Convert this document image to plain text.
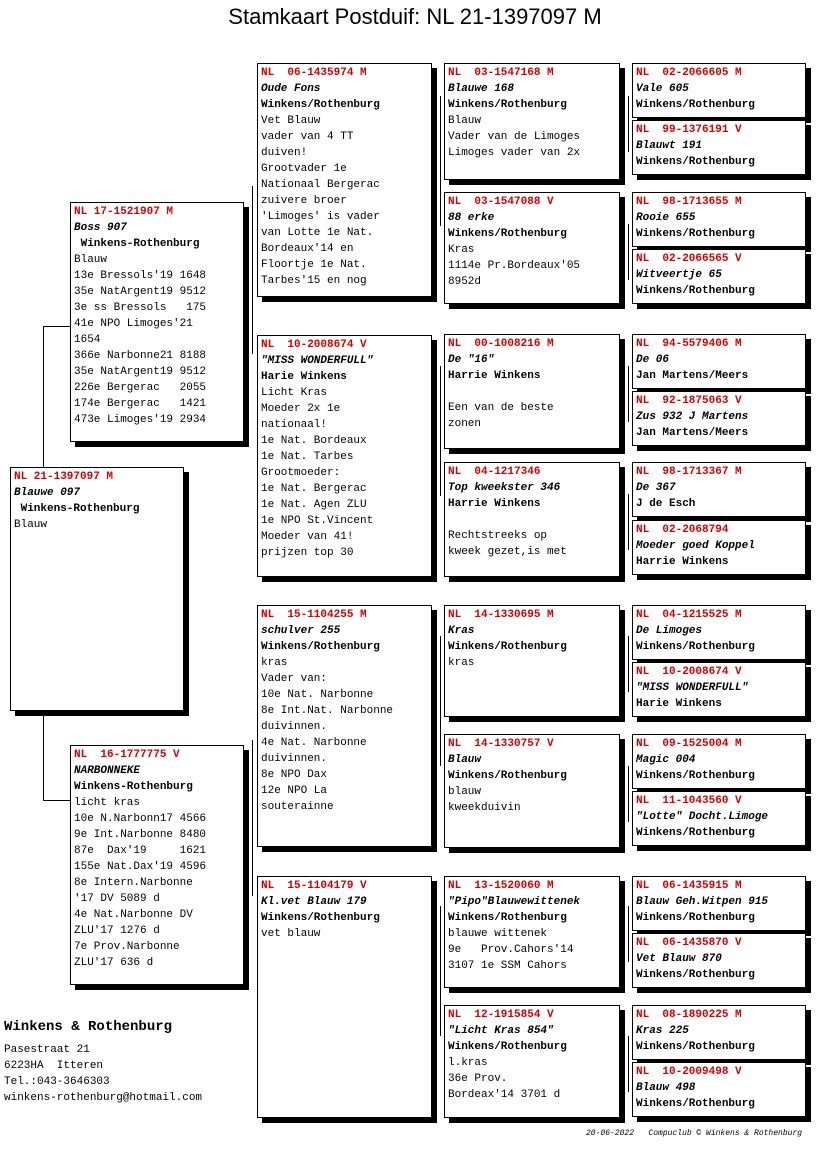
Stamkaart Postduif: NL 21-1397097 M
NL 21-1397097 M
Blauwe 097
Winkens-Rothenburg
Blauw
NL 17-1521907 M
Boss 907
Winkens-Rothenburg
Blauw
13e Bressols'19 1648
35e NatArgent19 9512
3e ss Bressols   175
41e NPO Limoges'21
1654
366e Narbonne21 8188
35e NatArgent19 9512
226e Bergerac   2055
174e Bergerac   1421
473e Limoges'19 2934
NL  16-1777775 V
NARBONNEKE
Winkens-Rothenburg
licht kras
10e N.Narbonn17 4566
9e Int.Narbonne 8480
87e  Dax'19     1621
155e Nat.Dax'19 4596
8e Intern.Narbonne
'17 DV 5089 d
4e Nat.Narbonne DV
ZLU'17 1276 d
7e Prov.Narbonne
ZLU'17 636 d
NL  06-1435974 M
Oude Fons
Winkens/Rothenburg
Vet Blauw
vader van 4 TT
duiven!
Grootvader 1e
Nationaal Bergerac
zuivere broer
'Limoges' is vader
van Lotte 1e Nat.
Bordeaux'14 en
Floortje 1e Nat.
Tarbes'15 en nog
NL  10-2008674 V
"MISS WONDERFULL"
Harie Winkens
Licht Kras
Moeder 2x 1e
nationaal!
1e Nat. Bordeaux
1e Nat. Tarbes
Grootmoeder:
1e Nat. Bergerac
1e Nat. Agen ZLU
1e NPO St.Vincent
Moeder van 41!
prijzen top 30
NL  15-1104255 M
schulver 255
Winkens/Rothenburg
kras
Vader van:
10e Nat. Narbonne
8e Int.Nat. Narbonne
duivinnen.
4e Nat. Narbonne
duivinnen.
8e NPO Dax
12e NPO La
souterainne
NL  15-1104179 V
Kl.vet Blauw 179
Winkens/Rothenburg
vet blauw
NL  03-1547168 M
Blauwe 168
Winkens/Rothenburg
Blauw
Vader van de Limoges
Limoges vader van 2x
NL  03-1547088 V
88 erke
Winkens/Rothenburg
Kras
1114e Pr.Bordeaux'05
8952d
NL  00-1008216 M
De "16"
Harrie Winkens
Een van de beste
zonen
NL  04-1217346
Top kweekster 346
Harrie Winkens
Rechtstreeks op
kweek gezet,is met
NL  14-1330695 M
Kras
Winkens/Rothenburg
kras
NL  14-1330757 V
Blauw
Winkens/Rothenburg
blauw
kweekduivin
NL  13-1520060 M
"Pipo"Blauwewittenek
Winkens/Rothenburg
blauwe wittenek
9e   Prov.Cahors'14
3107 1e SSM Cahors
NL  12-1915854 V
"Licht Kras 854"
Winkens/Rothenburg
l.kras
36e Prov.
Bordeax'14 3701 d
NL  02-2066605 M
Vale 605
Winkens/Rothenburg
NL  99-1376191 V
Blauwt 191
Winkens/Rothenburg
NL  98-1713655 M
Rooie 655
Winkens/Rothenburg
NL  02-2066565 V
Witveertje 65
Winkens/Rothenburg
NL  94-5579406 M
De 06
Jan Martens/Meers
NL  92-1875063 V
Zus 932 J Martens
Jan Martens/Meers
NL  98-1713367 M
De 367
J de Esch
NL  02-2068794
Moeder goed Koppel
Harrie Winkens
NL  04-1215525 M
De Limoges
Winkens/Rothenburg
NL  10-2008674 V
"MISS WONDERFULL"
Harie Winkens
NL  09-1525004 M
Magic 004
Winkens/Rothenburg
NL  11-1043560 V
"Lotte" Docht.Limoge
Winkens/Rothenburg
NL  06-1435915 M
Blauw Geh.Witpen 915
Winkens/Rothenburg
NL  06-1435870 V
Vet Blauw 870
Winkens/Rothenburg
NL  08-1890225 M
Kras 225
Winkens/Rothenburg
NL  10-2009498 V
Blauw 498
Winkens/Rothenburg
Winkens & Rothenburg
Pasestraat 21
6223HA  Itteren
Tel.:043-3646303
winkens-rothenburg@hotmail.com
20-06-2022   Compuclub © Winkens & Rothenburg
